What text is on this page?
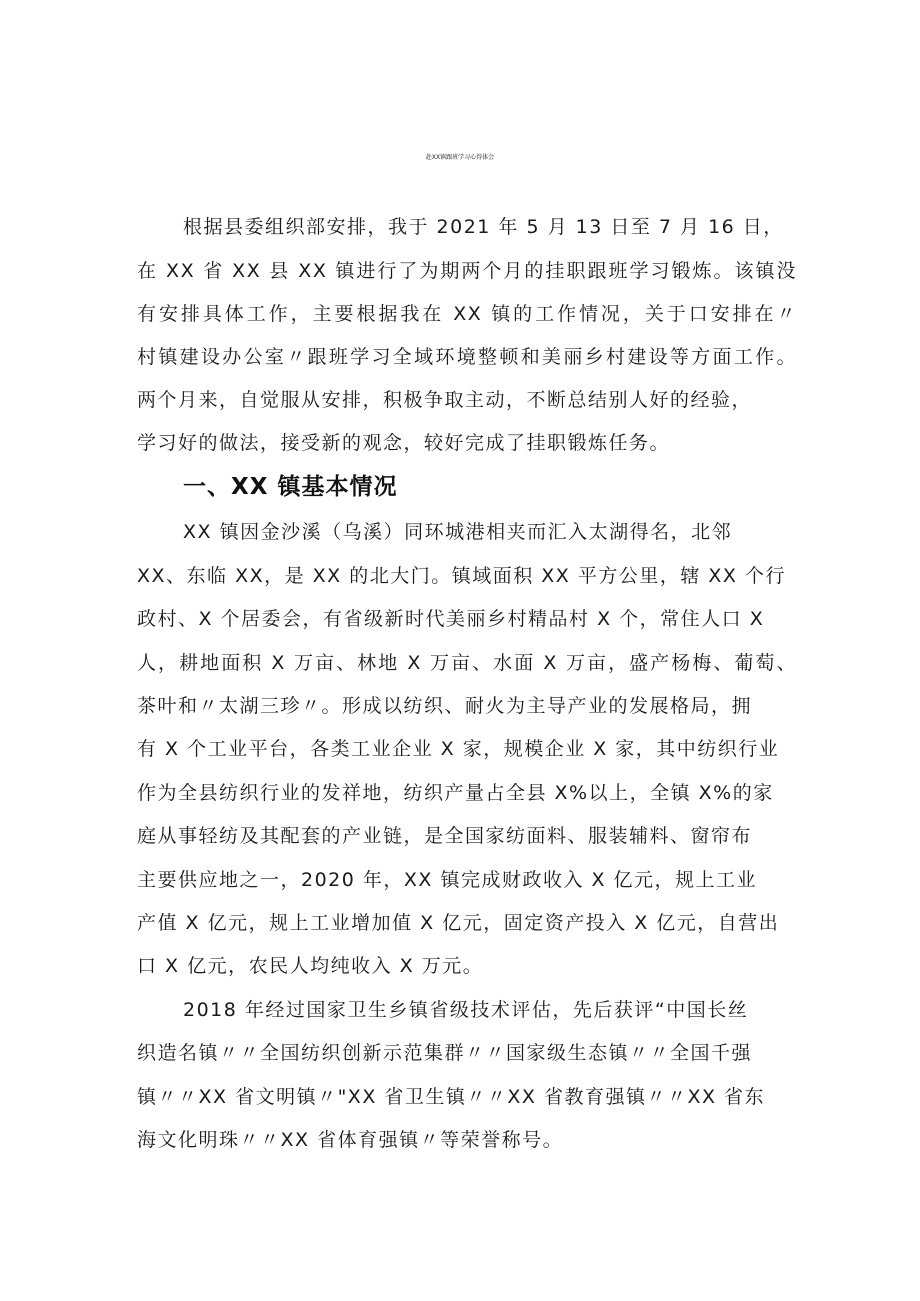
赴XX镇跟班学习心得体会
根据县委组织部安排，我于 2021 年 5 月 13 日至 7 月 16 日，
在 XX 省 XX 县 XX 镇进行了为期两个月的挂职跟班学习锻炼。该镇没
有安排具体工作，主要根据我在 XX 镇的工作情况，关于口安排在〃
村镇建设办公室〃跟班学习全域环境整顿和美丽乡村建设等方面工作。
两个月来，自觉服从安排，积极争取主动，不断总结别人好的经验，
学习好的做法，接受新的观念，较好完成了挂职锻炼任务。
一、XX 镇基本情况
XX 镇因金沙溪（乌溪）同环城港相夹而汇入太湖得名，北邻
XX、东临 XX，是 XX 的北大门。镇域面积 XX 平方公里，辖 XX 个行
政村、X 个居委会，有省级新时代美丽乡村精品村 X 个，常住人口 X
人，耕地面积 X 万亩、林地 X 万亩、水面 X 万亩，盛产杨梅、葡萄、
茶叶和〃太湖三珍〃。形成以纺织、耐火为主导产业的发展格局，拥
有 X 个工业平台，各类工业企业 X 家，规模企业 X 家，其中纺织行业
作为全县纺织行业的发祥地，纺织产量占全县 X%以上，全镇 X%的家
庭从事轻纺及其配套的产业链，是全国家纺面料、服装辅料、窗帘布
主要供应地之一，2020 年，XX 镇完成财政收入 X 亿元，规上工业
产值 X 亿元，规上工业增加值 X 亿元，固定资产投入 X 亿元，自营出
口 X 亿元，农民人均纯收入 X 万元。
2018 年经过国家卫生乡镇省级技术评估，先后获评“中国长丝
织造名镇〃〃全国纺织创新示范集群〃〃国家级生态镇〃〃全国千强
镇〃〃XX 省文明镇〃"XX 省卫生镇〃〃XX 省教育强镇〃〃XX 省东
海文化明珠〃〃XX 省体育强镇〃等荣誉称号。
